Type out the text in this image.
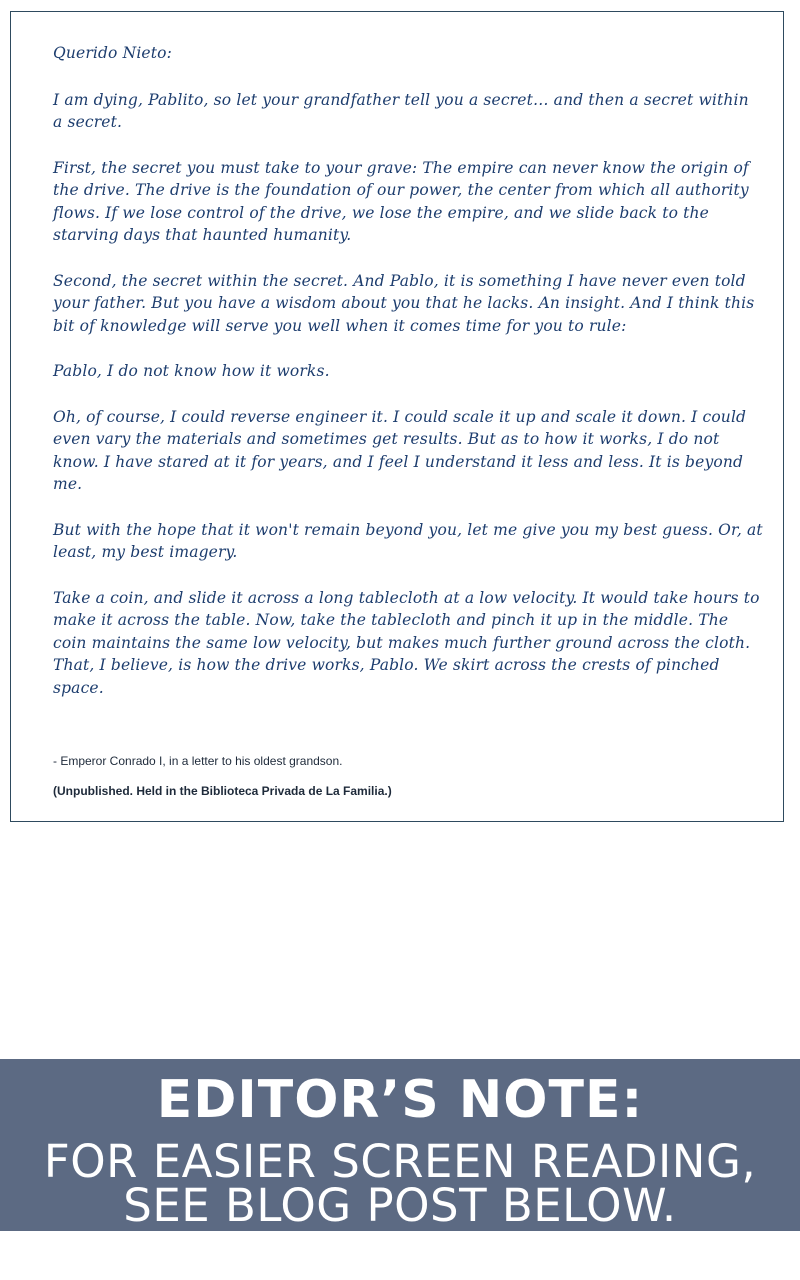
Querido Nieto:

I am dying, Pablito, so let your grandfather tell you a secret… and then a secret within a secret.

First, the secret you must take to your grave: The empire can never know the origin of the drive. The drive is the foundation of our power, the center from which all authority flows. If we lose control of the drive, we lose the empire, and we slide back to the starving days that haunted humanity.

Second, the secret within the secret. And Pablo, it is something I have never even told your father. But you have a wisdom about you that he lacks. An insight. And I think this bit of knowledge will serve you well when it comes time for you to rule:

Pablo, I do not know how it works.

Oh, of course, I could reverse engineer it. I could scale it up and scale it down. I could even vary the materials and sometimes get results. But as to how it works, I do not know. I have stared at it for years, and I feel I understand it less and less. It is beyond me.

But with the hope that it won't remain beyond you, let me give you my best guess. Or, at least, my best imagery.

Take a coin, and slide it across a long tablecloth at a low velocity. It would take hours to make it across the table. Now, take the tablecloth and pinch it up in the middle. The coin maintains the same low velocity, but makes much further ground across the cloth. That, I believe, is how the drive works, Pablo. We skirt across the crests of pinched space.

- Emperor Conrado I, in a letter to his oldest grandson.

(Unpublished. Held in the Biblioteca Privada de La Familia.)

EDITOR’S NOTE:
FOR EASIER SCREEN READING,
SEE BLOG POST BELOW.
